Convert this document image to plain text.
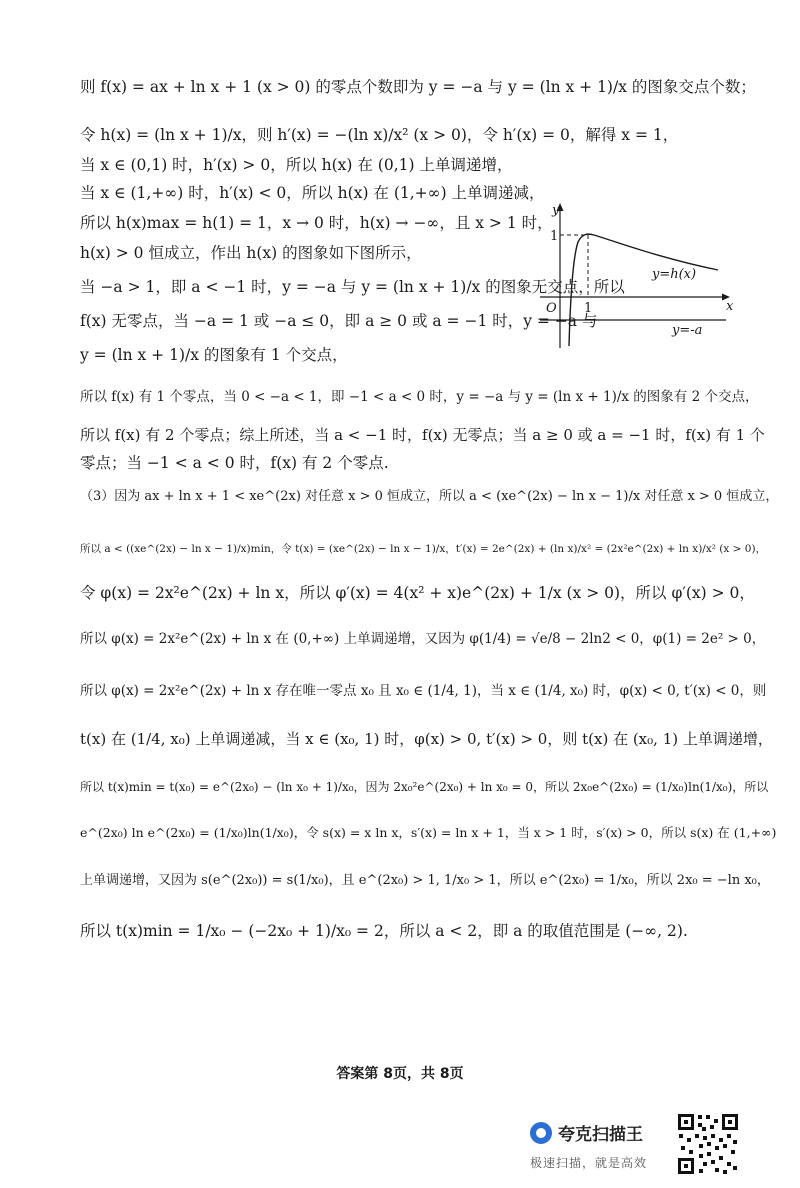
则 f(x) = ax + ln x + 1 (x > 0) 的零点个数即为 y = −a 与 y = (ln x + 1)/x 的图象交点个数；
令 h(x) = (ln x + 1)/x，则 h′(x) = −(ln x)/x² (x > 0)，令 h′(x) = 0，解得 x = 1，
当 x ∈ (0,1) 时，h′(x) > 0，所以 h(x) 在 (0,1) 上单调递增，
当 x ∈ (1,+∞) 时，h′(x) < 0，所以 h(x) 在 (1,+∞) 上单调递减，
所以 h(x)max = h(1) = 1，x → 0 时，h(x) → −∞，且 x > 1 时，
h(x) > 0 恒成立，作出 h(x) 的图象如下图所示，
当 −a > 1，即 a < −1 时，y = −a 与 y = (ln x + 1)/x 的图象无交点，所以
f(x) 无零点，当 −a = 1 或 −a ≤ 0，即 a ≥ 0 或 a = −1 时，y = −a 与
y = (ln x + 1)/x 的图象有 1 个交点，
所以 f(x) 有 1 个零点，当 0 < −a < 1，即 −1 < a < 0 时，y = −a 与 y = (ln x + 1)/x 的图象有 2 个交点，
所以 f(x) 有 2 个零点；综上所述，当 a < −1 时，f(x) 无零点；当 a ≥ 0 或 a = −1 时，f(x) 有 1 个
零点；当 −1 < a < 0 时，f(x) 有 2 个零点.
（3）因为 ax + ln x + 1 < xe^(2x) 对任意 x > 0 恒成立，所以 a < (xe^(2x) − ln x − 1)/x 对任意 x > 0 恒成立，
所以 a < ((xe^(2x) − ln x − 1)/x)min，令 t(x) = (xe^(2x) − ln x − 1)/x，t′(x) = 2e^(2x) + (ln x)/x² = (2x²e^(2x) + ln x)/x² (x > 0)，
令 φ(x) = 2x²e^(2x) + ln x，所以 φ′(x) = 4(x² + x)e^(2x) + 1/x (x > 0)，所以 φ′(x) > 0，
所以 φ(x) = 2x²e^(2x) + ln x 在 (0,+∞) 上单调递增，又因为 φ(1/4) = √e/8 − 2ln2 < 0，φ(1) = 2e² > 0，
所以 φ(x) = 2x²e^(2x) + ln x 存在唯一零点 x₀ 且 x₀ ∈ (1/4, 1)，当 x ∈ (1/4, x₀) 时，φ(x) < 0, t′(x) < 0，则
t(x) 在 (1/4, x₀) 上单调递减，当 x ∈ (x₀, 1) 时，φ(x) > 0, t′(x) > 0，则 t(x) 在 (x₀, 1) 上单调递增，
所以 t(x)min = t(x₀) = e^(2x₀) − (ln x₀ + 1)/x₀，因为 2x₀²e^(2x₀) + ln x₀ = 0，所以 2x₀e^(2x₀) = (1/x₀)ln(1/x₀)，所以
e^(2x₀) ln e^(2x₀) = (1/x₀)ln(1/x₀)，令 s(x) = x ln x，s′(x) = ln x + 1，当 x > 1 时，s′(x) > 0，所以 s(x) 在 (1,+∞)
上单调递增，又因为 s(e^(2x₀)) = s(1/x₀)，且 e^(2x₀) > 1, 1/x₀ > 1，所以 e^(2x₀) = 1/x₀，所以 2x₀ = −ln x₀，
所以 t(x)min = 1/x₀ − (−2x₀ + 1)/x₀ = 2，所以 a < 2，即 a 的取值范围是 (−∞, 2).
y
x
O
1
1
y=h(x)
y=-a
答案第 8页，共 8页
夸克扫描王
极速扫描，就是高效
